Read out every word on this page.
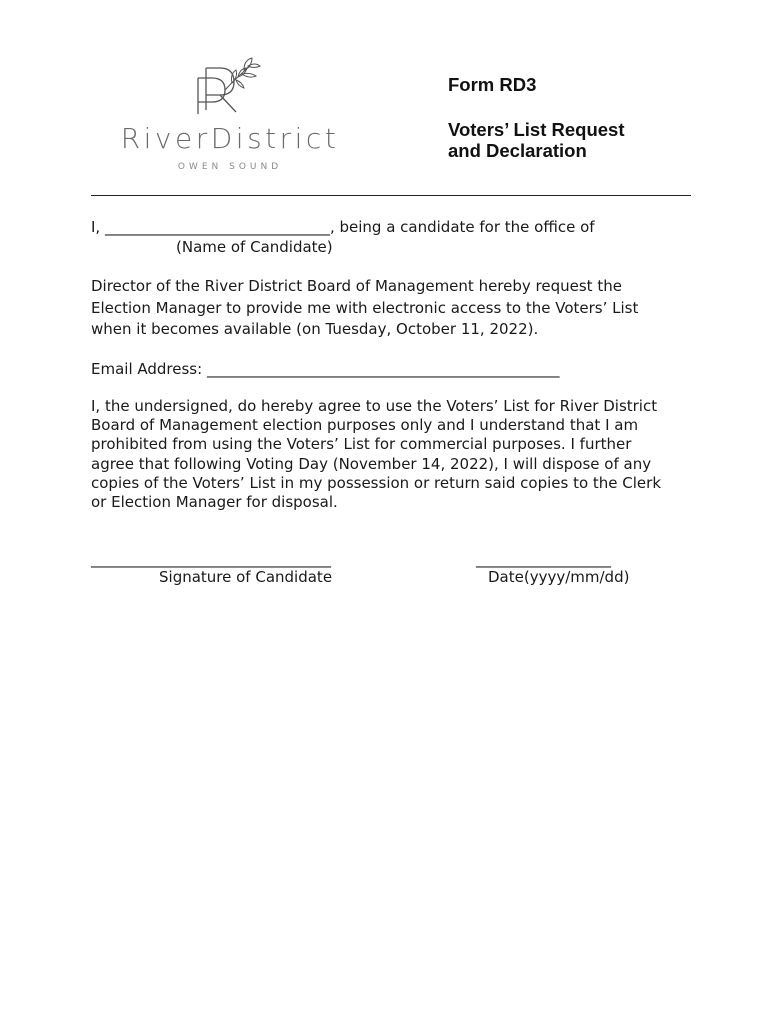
RiverDistrict
OWEN SOUND
Form RD3
Voters’ List Request
and Declaration
I, ______________________________, being a candidate for the office of
(Name of Candidate)
Director of the River District Board of Management hereby request the
Election Manager to provide me with electronic access to the Voters’ List
when it becomes available (on Tuesday, October 11, 2022).
Email Address: _______________________________________________
I, the undersigned, do hereby agree to use the Voters’ List for River District
Board of Management election purposes only and I understand that I am
prohibited from using the Voters’ List for commercial purposes. I further
agree that following Voting Day (November 14, 2022), I will dispose of any
copies of the Voters’ List in my possession or return said copies to the Clerk
or Election Manager for disposal.
________________________________
Signature of Candidate
__________________
Date(yyyy/mm/dd)
